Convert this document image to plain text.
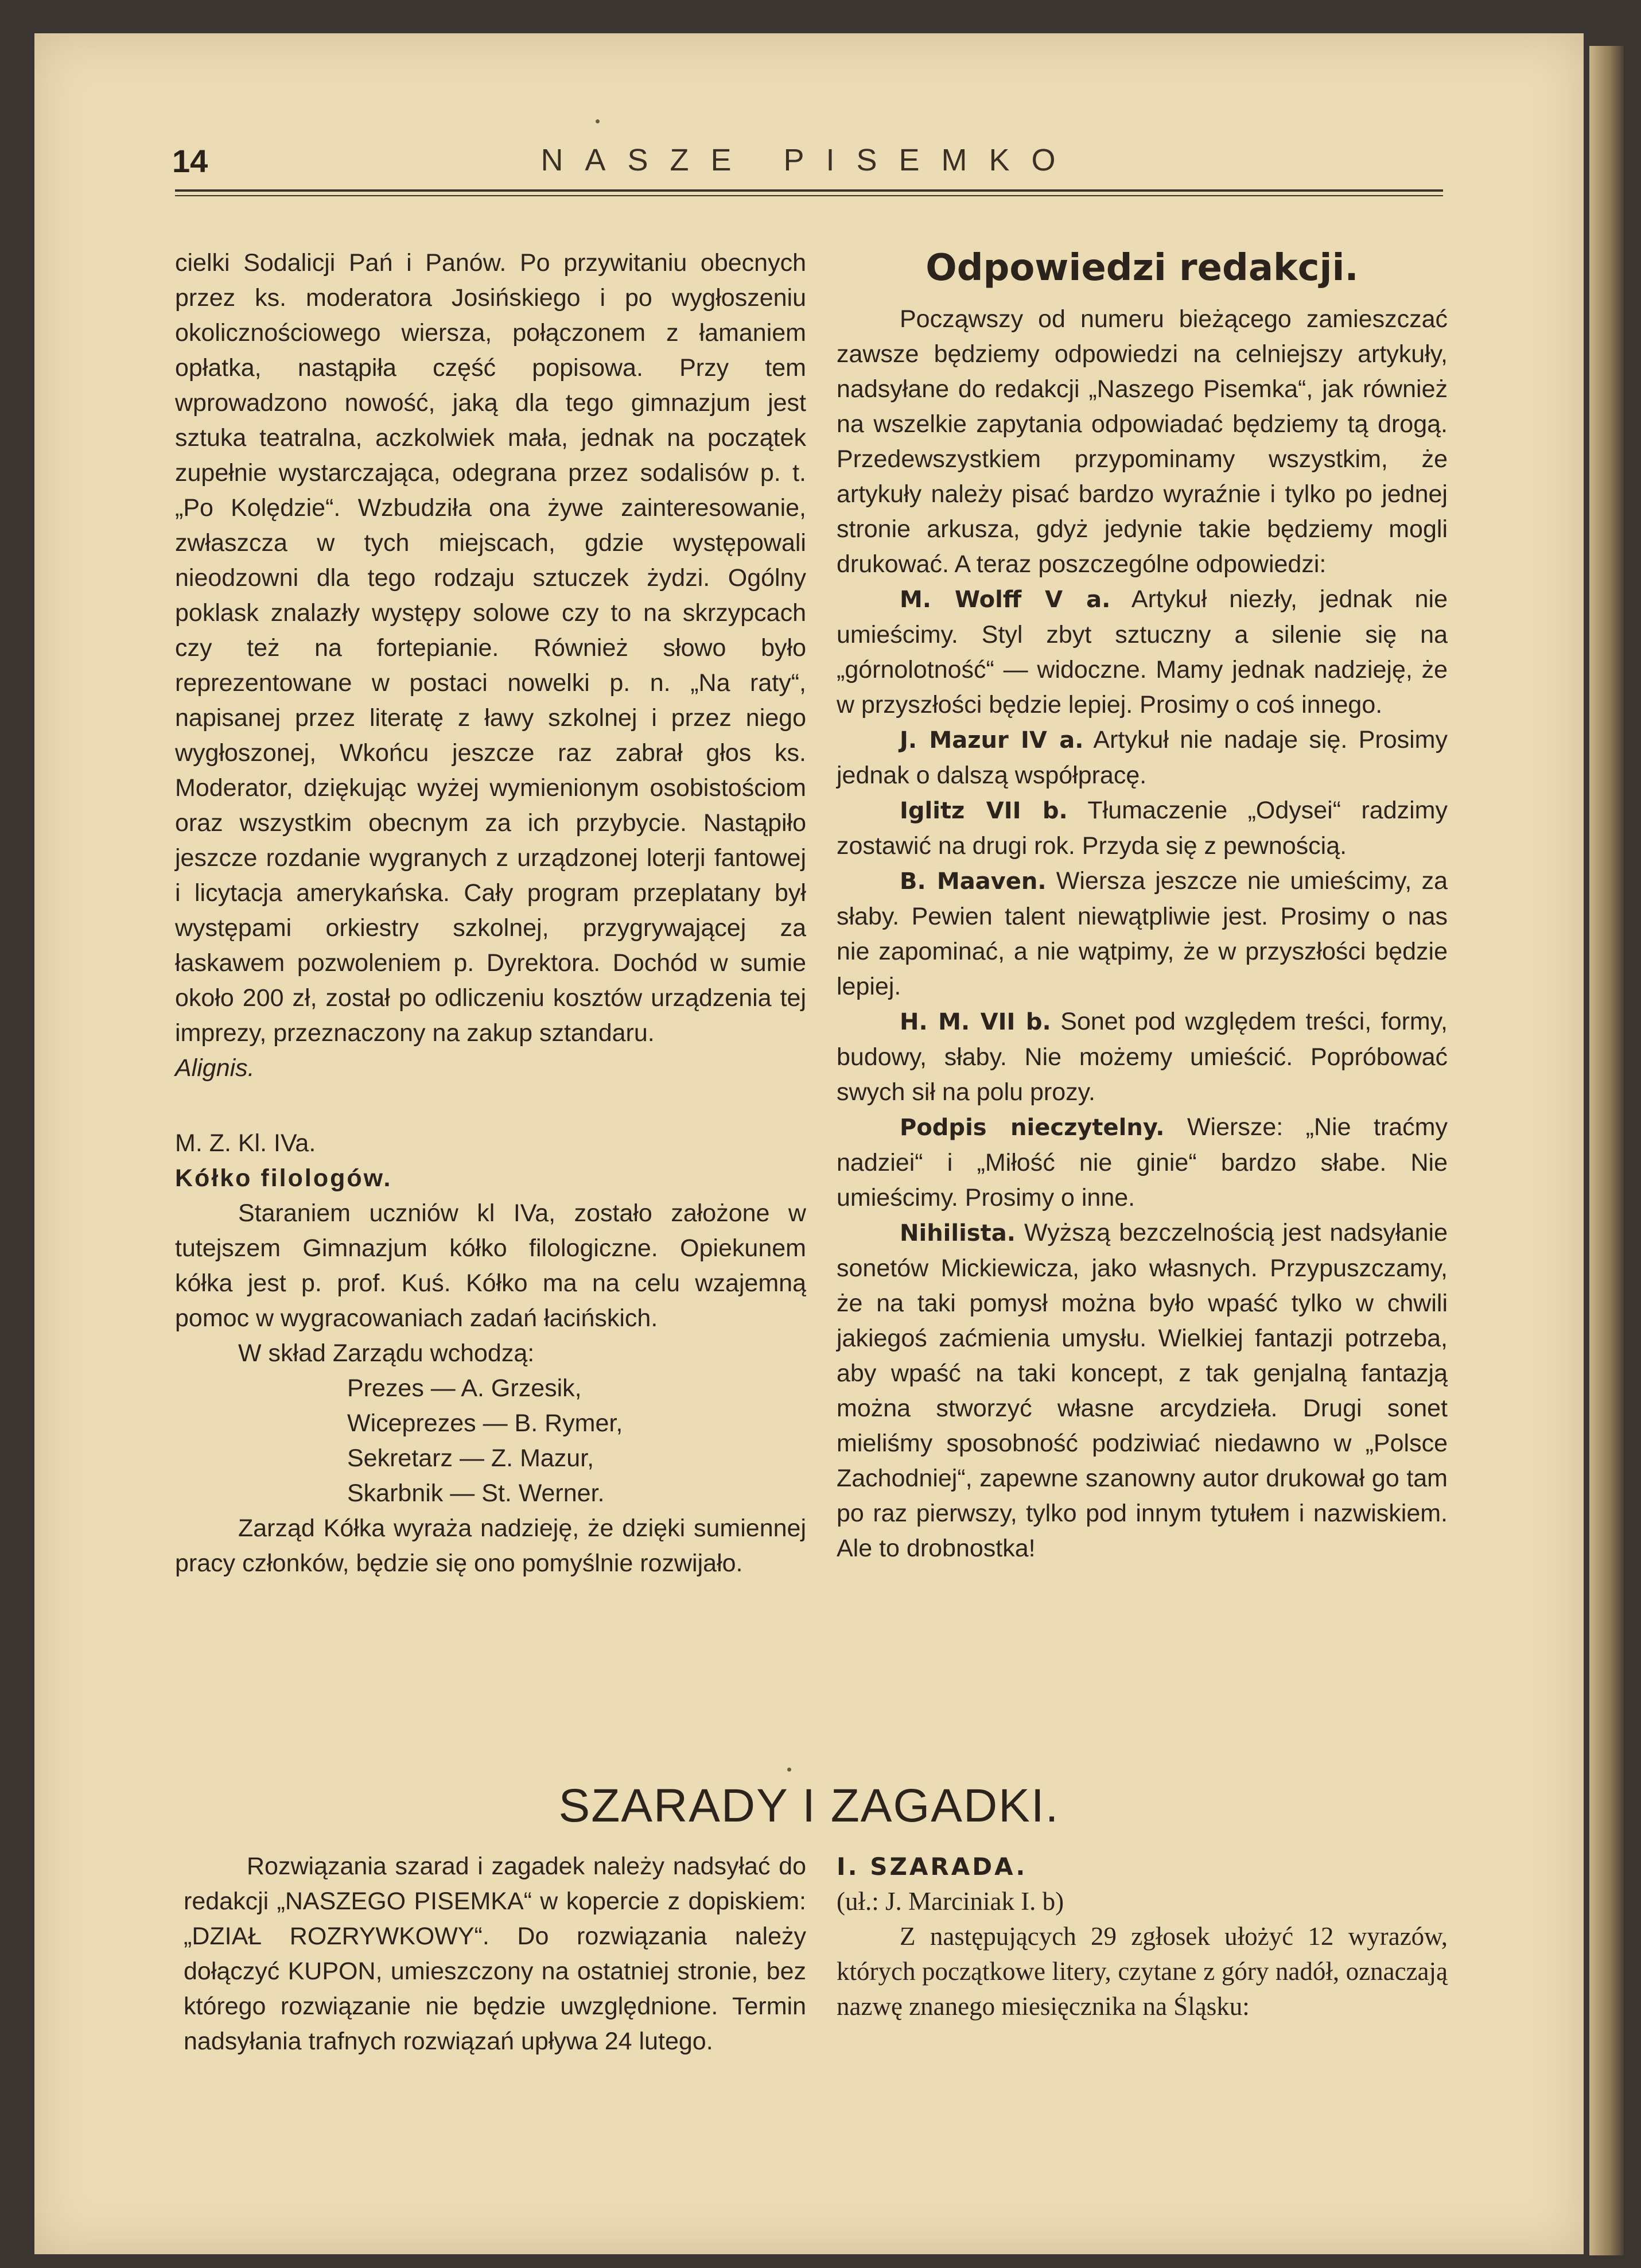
14	NASZE PISEMKO

cielki Sodalicji Pań i Panów. Po przywitaniu obecnych przez ks. moderatora Josińskiego i po wygłoszeniu okolicznościowego wiersza, połączonem z łamaniem opłatka, nastąpiła część popisowa. Przy tem wprowadzono nowość, jaką dla tego gimnazjum jest sztuka teatralna, aczkolwiek mała, jednak na początek zupełnie wystarczająca, odegrana przez sodalisów p. t. „Po Kolędzie“. Wzbudziła ona żywe zainteresowanie, zwłaszcza w tych miejscach, gdzie występowali nieodzowni dla tego rodzaju sztuczek żydzi. Ogólny poklask znalazły występy solowe czy to na skrzypcach czy też na fortepianie. Również słowo było reprezentowane w postaci nowelki p. n. „Na raty“, napisanej przez literatę z ławy szkolnej i przez niego wygłoszonej, Wkońcu jeszcze raz zabrał głos ks. Moderator, dziękując wyżej wymienionym osobistościom oraz wszystkim obecnym za ich przybycie. Nastąpiło jeszcze rozdanie wygranych z urządzonej loterji fantowej i licytacja amerykańska. Cały program przeplatany był występami orkiestry szkolnej, przygrywającej za łaskawem pozwoleniem p. Dyrektora. Dochód w sumie około 200 zł, został po odliczeniu kosztów urządzenia tej imprezy, przeznaczony na zakup sztandaru.

Alignis.

M. Z. Kl. IVa.

Kółko filologów.

Staraniem uczniów kl IVa, zostało założone w tutejszem Gimnazjum kółko filologiczne. Opiekunem kółka jest p. prof. Kuś. Kółko ma na celu wzajemną pomoc w wygracowaniach zadań łacińskich.

W skład Zarządu wchodzą:

Prezes — A. Grzesik,

Wiceprezes — B. Rymer,

Sekretarz — Z. Mazur,

Skarbnik — St. Werner.

Zarząd Kółka wyraża nadzieję, że dzięki sumiennej pracy członków, będzie się ono pomyślnie rozwijało.

Odpowiedzi redakcji.

Począwszy od numeru bieżącego zamieszczać zawsze będziemy odpowiedzi na celniejszy artykuły, nadsyłane do redakcji „Naszego Pisemka“, jak również na wszelkie zapytania odpowiadać będziemy tą drogą. Przedewszystkiem przypominamy wszystkim, że artykuły należy pisać bardzo wyraźnie i tylko po jednej stronie arkusza, gdyż jedynie takie będziemy mogli drukować. A teraz poszczególne odpowiedzi:

M. Wolff V a. Artykuł niezły, jednak nie umieścimy. Styl zbyt sztuczny a silenie się na „górnolotność“ — widoczne. Mamy jednak nadzieję, że w przyszłości będzie lepiej. Prosimy o coś innego.

J. Mazur IV a. Artykuł nie nadaje się. Prosimy jednak o dalszą współpracę.

Iglitz VII b. Tłumaczenie „Odysei“ radzimy zostawić na drugi rok. Przyda się z pewnością.

B. Maaven. Wiersza jeszcze nie umieścimy, za słaby. Pewien talent niewątpliwie jest. Prosimy o nas nie zapominać, a nie wątpimy, że w przyszłości będzie lepiej.

H. M. VII b. Sonet pod względem treści, formy, budowy, słaby. Nie możemy umieścić. Popróbować swych sił na polu prozy.

Podpis nieczytelny. Wiersze: „Nie traćmy nadziei“ i „Miłość nie ginie“ bardzo słabe. Nie umieścimy. Prosimy o inne.

Nihilista. Wyższą bezczelnością jest nadsyłanie sonetów Mickiewicza, jako własnych. Przypuszczamy, że na taki pomysł można było wpaść tylko w chwili jakiegoś zaćmienia umysłu. Wielkiej fantazji potrzeba, aby wpaść na taki koncept, z tak genjalną fantazją można stworzyć własne arcydzieła. Drugi sonet mieliśmy sposobność podziwiać niedawno w „Polsce Zachodniej“, zapewne szanowny autor drukował go tam po raz pierwszy, tylko pod innym tytułem i nazwiskiem. Ale to drobnostka!

SZARADY I ZAGADKI.

Rozwiązania szarad i zagadek należy nadsyłać do redakcji „NASZEGO PISEMKA“ w kopercie z dopiskiem: „DZIAŁ ROZRYWKOWY“. Do rozwiązania należy dołączyć KUPON, umieszczony na ostatniej stronie, bez którego rozwiązanie nie będzie uwzględnione. Termin nadsyłania trafnych rozwiązań upływa 24 lutego.

I. SZARADA.

(uł.: J. Marciniak I. b)

Z następujących 29 zgłosek ułożyć 12 wyrazów, których początkowe litery, czytane z góry nadół, oznaczają nazwę znanego miesięcznika na Śląsku:
